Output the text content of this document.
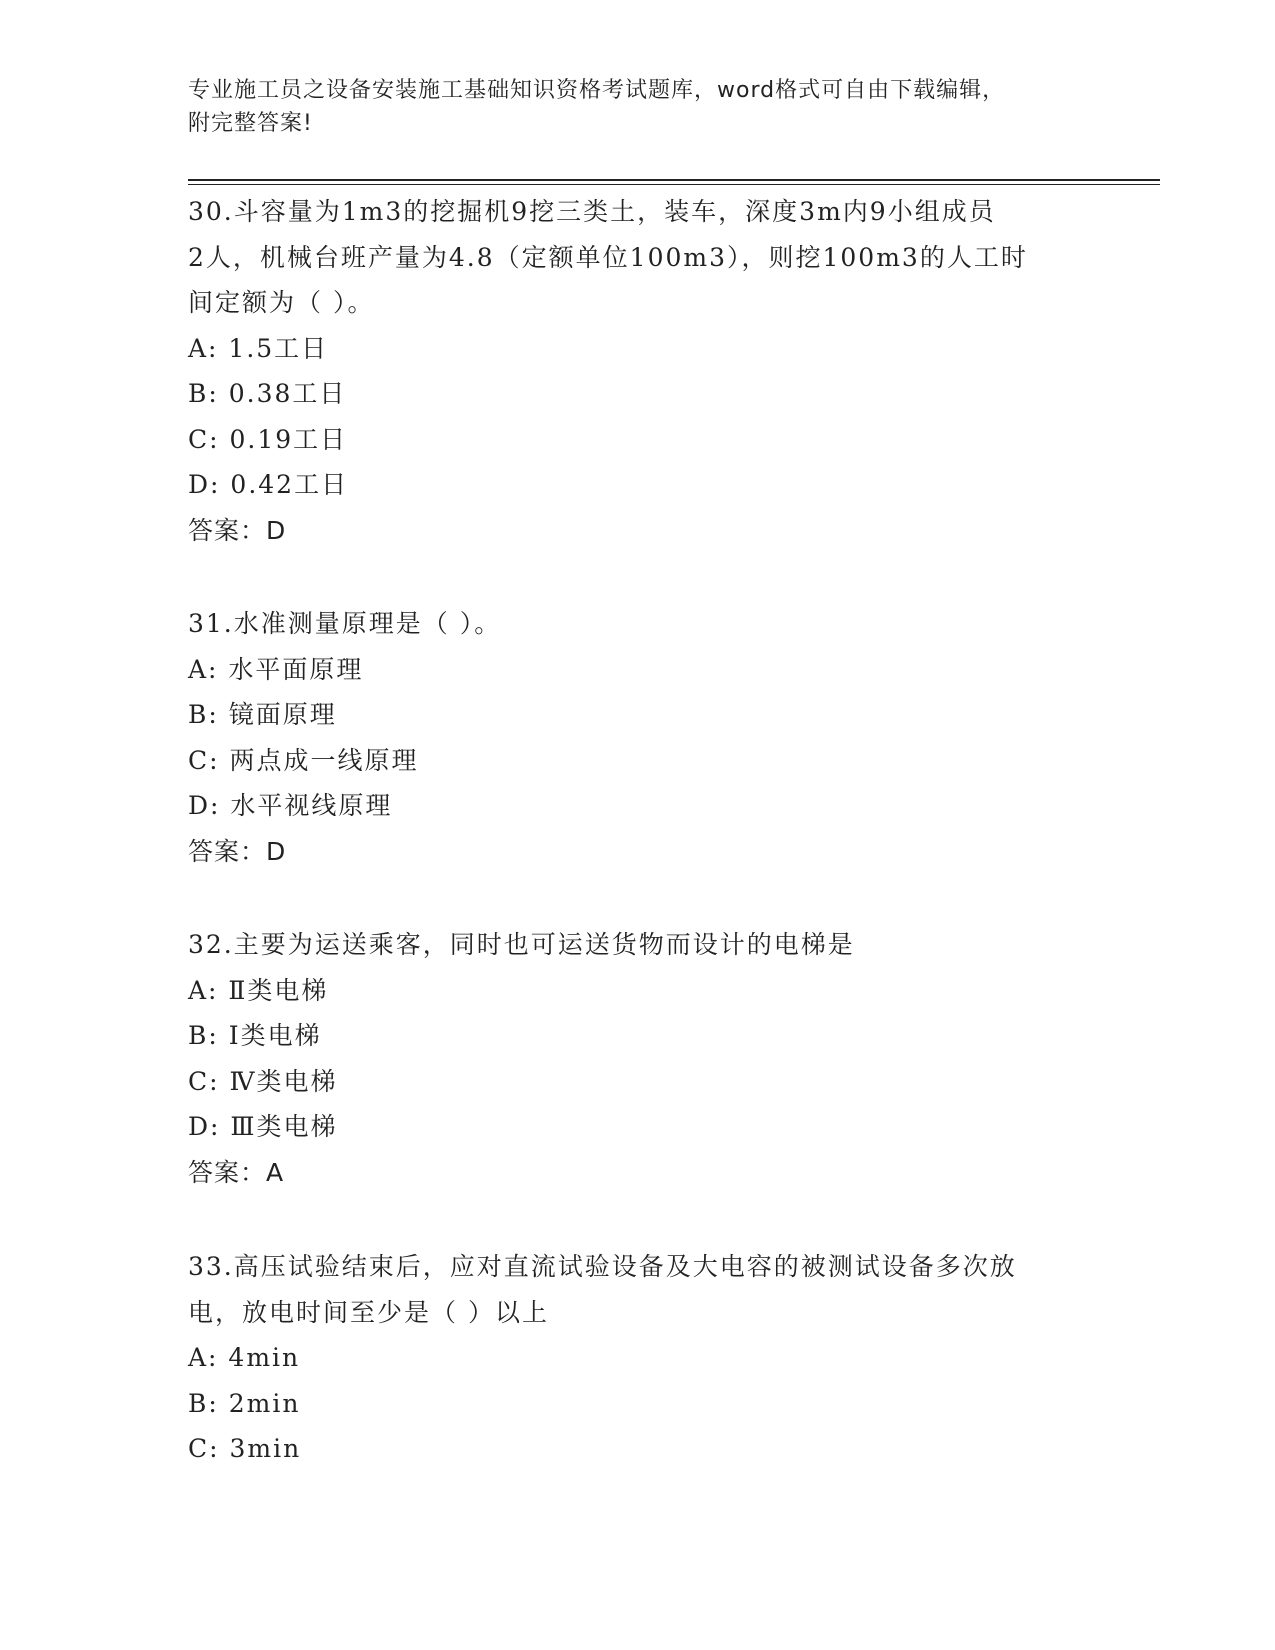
专业施工员之设备安装施工基础知识资格考试题库，word格式可自由下载编辑，
附完整答案!
30.斗容量为1m3的挖掘机9挖三类土，装车，深度3m内9小组成员
2人，机械台班产量为4.8（定额单位100m3），则挖100m3的人工时
间定额为（ ）。
A: 1.5工日
B: 0.38工日
C: 0.19工日
D: 0.42工日
答案：D
31.水准测量原理是（ ）。
A: 水平面原理
B: 镜面原理
C: 两点成一线原理
D: 水平视线原理
答案：D
32.主要为运送乘客，同时也可运送货物而设计的电梯是
A: Ⅱ类电梯
B: Ⅰ类电梯
C: Ⅳ类电梯
D: Ⅲ类电梯
答案：A
33.高压试验结束后，应对直流试验设备及大电容的被测试设备多次放
电，放电时间至少是（ ）以上
A: 4min
B: 2min
C: 3min
